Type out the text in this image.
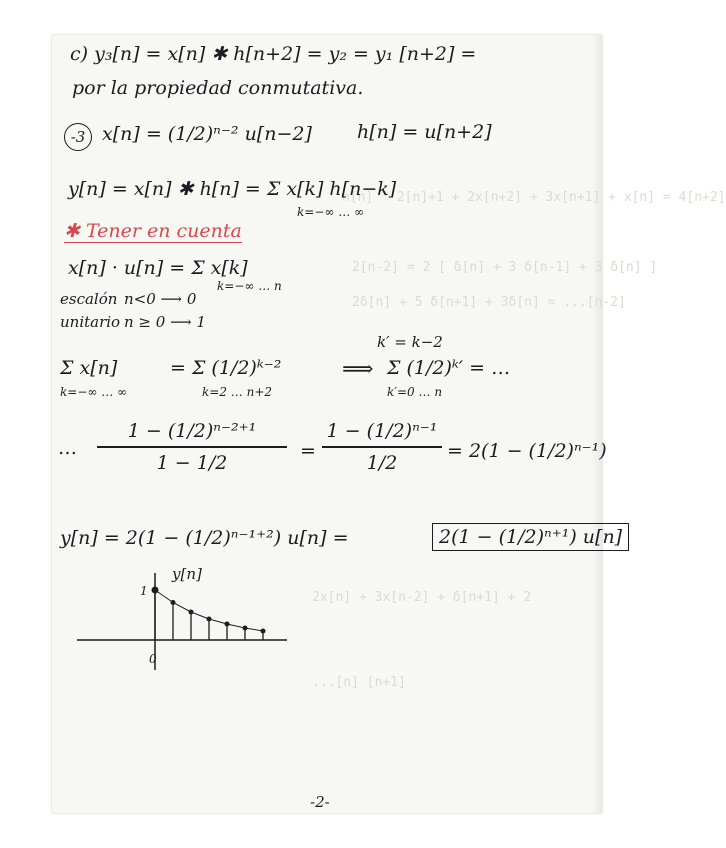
n[n] * 2[n]+1 + 2x[n+2] + 3x[n+1] + x[n] = 4[n+2]
2[n-2] = 2 [ δ[n] + 3 δ[n-1] + 3 δ[n] ]
2δ[n] + 5 δ[n+1] + 3δ[n] = ...[n-2]
2x[n] + 3x[n-2] + δ[n+1] + 2
...[n] [n+1]
c) y₃[n] = x[n] ✱ h[n+2] = y₂ = y₁ [n+2] =
por la propiedad conmutativa.
-3 x[n] = (1/2)ⁿ⁻² u[n−2] h[n] = u[n+2]
y[n] = x[n] ✱ h[n] = Σ x[k] h[n−k]
k=−∞ … ∞
✱ Tener en cuenta
x[n] · u[n] = Σ x[k]
k=−∞ … n
escalón
unitario
n<0 ⟶ 0
n ≥ 0 ⟶ 1
Σ x[n]
k=−∞ … ∞
= Σ (1/2)ᵏ⁻²
k=2 … n+2
⟹
k′ = k−2
Σ (1/2)ᵏ′ = …
k′=0 … n
…
1 − (1/2)ⁿ⁻²⁺¹
1 − 1/2
=
1 − (1/2)ⁿ⁻¹
1/2
= 2(1 − (1/2)ⁿ⁻¹)
y[n] = 2(1 − (1/2)ⁿ⁻¹⁺²) u[n] =	2(1 − (1/2)ⁿ⁺¹) u[n]
y[n]
1
0
-2-
